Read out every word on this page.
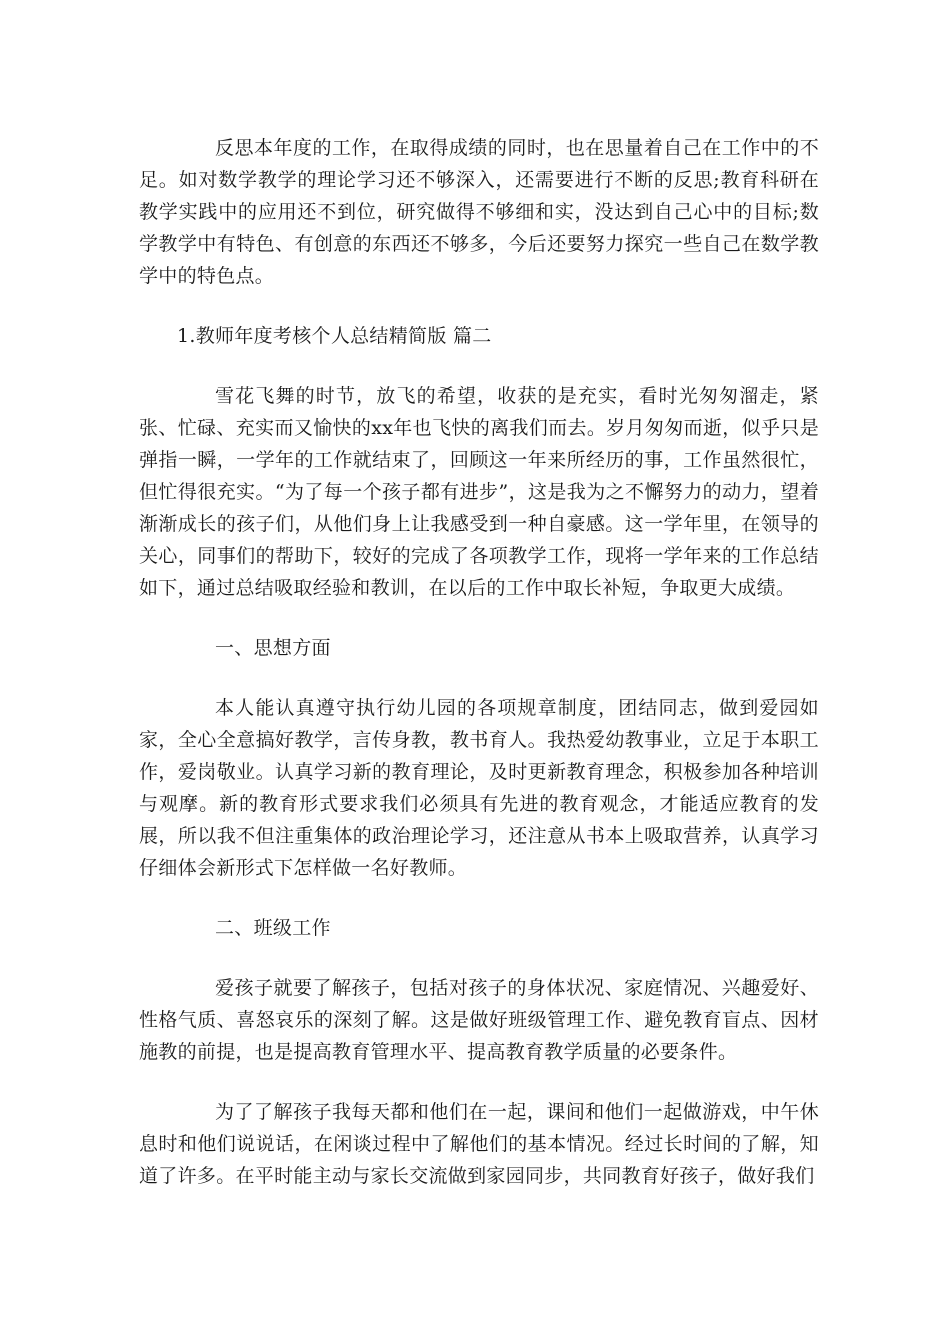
反思本年度的工作，在取得成绩的同时，也在思量着自己在工作中的不足。如对数学教学的理论学习还不够深入，还需要进行不断的反思;教育科研在教学实践中的应用还不到位，研究做得不够细和实，没达到自己心中的目标;数学教学中有特色、有创意的东西还不够多，今后还要努力探究一些自己在数学教学中的特色点。

1.教师年度考核个人总结精简版 篇二

雪花飞舞的时节，放飞的希望，收获的是充实，看时光匆匆溜走，紧张、忙碌、充实而又愉快的xx年也飞快的离我们而去。岁月匆匆而逝，似乎只是弹指一瞬，一学年的工作就结束了，回顾这一年来所经历的事，工作虽然很忙，但忙得很充实。“为了每一个孩子都有进步”，这是我为之不懈努力的动力，望着渐渐成长的孩子们，从他们身上让我感受到一种自豪感。这一学年里，在领导的关心，同事们的帮助下，较好的完成了各项教学工作，现将一学年来的工作总结如下，通过总结吸取经验和教训，在以后的工作中取长补短，争取更大成绩。

一、思想方面

本人能认真遵守执行幼儿园的各项规章制度，团结同志，做到爱园如家，全心全意搞好教学，言传身教，教书育人。我热爱幼教事业，立足于本职工作，爱岗敬业。认真学习新的教育理论，及时更新教育理念，积极参加各种培训与观摩。新的教育形式要求我们必须具有先进的教育观念，才能适应教育的发展，所以我不但注重集体的政治理论学习，还注意从书本上吸取营养，认真学习仔细体会新形式下怎样做一名好教师。

二、班级工作

爱孩子就要了解孩子，包括对孩子的身体状况、家庭情况、兴趣爱好、性格气质、喜怒哀乐的深刻了解。这是做好班级管理工作、避免教育盲点、因材施教的前提，也是提高教育管理水平、提高教育教学质量的必要条件。

为了了解孩子我每天都和他们在一起，课间和他们一起做游戏，中午休息时和他们说说话，在闲谈过程中了解他们的基本情况。经过长时间的了解，知道了许多。在平时能主动与家长交流做到家园同步，共同教育好孩子，做好我们
